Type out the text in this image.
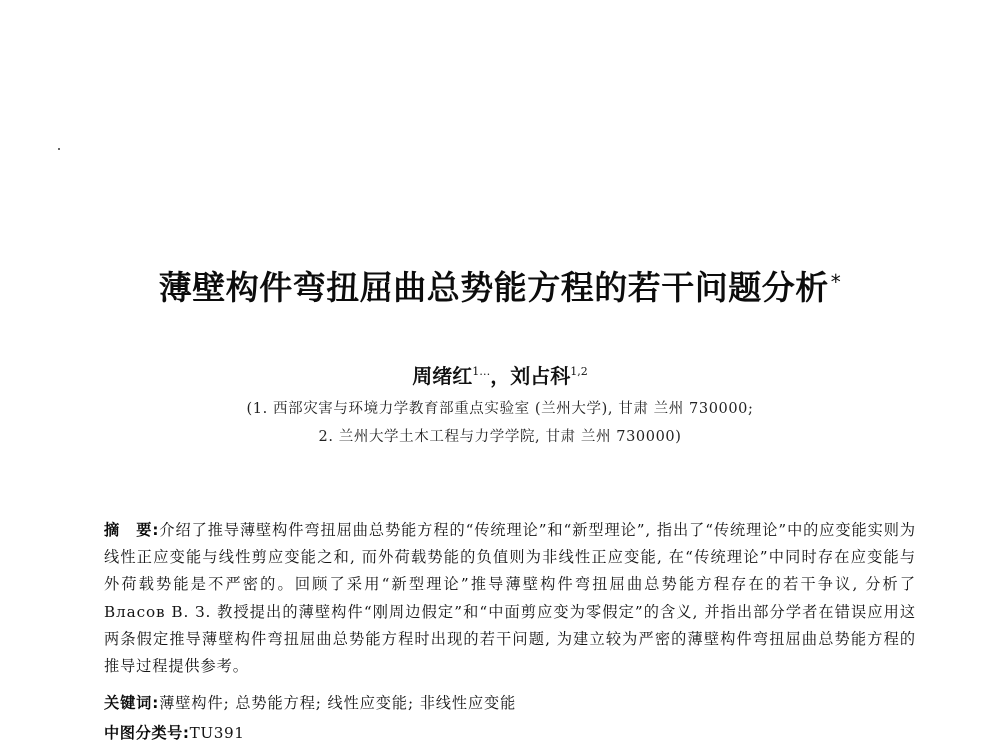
薄壁构件弯扭屈曲总势能方程的若干问题分析 *
周绪红$^{1\dots}$，刘占科$^{1,2}$
(1. 西部灾害与环境力学教育部重点实验室 (兰州大学), 甘肃 兰州 730000;
2. 兰州大学土木工程与力学学院, 甘肃 兰州 730000)
摘　要:介绍了推导薄壁构件弯扭屈曲总势能方程的“传统理论”和“新型理论”, 指出了“传统理论”中的应变能实则为线性正应变能与线性剪应变能之和, 而外荷载势能的负值则为非线性正应变能, 在“传统理论”中同时存在应变能与外荷载势能是不严密的。回顾了采用“新型理论”推导薄壁构件弯扭屈曲总势能方程存在的若干争议, 分析了 Власов В. З. 教授提出的薄壁构件“刚周边假定”和“中面剪应变为零假定”的含义, 并指出部分学者在错误应用这两条假定推导薄壁构件弯扭屈曲总势能方程时出现的若干问题, 为建立较为严密的薄壁构件弯扭屈曲总势能方程的推导过程提供参考。
关键词:薄壁构件; 总势能方程; 线性应变能; 非线性应变能
中图分类号:TU391
